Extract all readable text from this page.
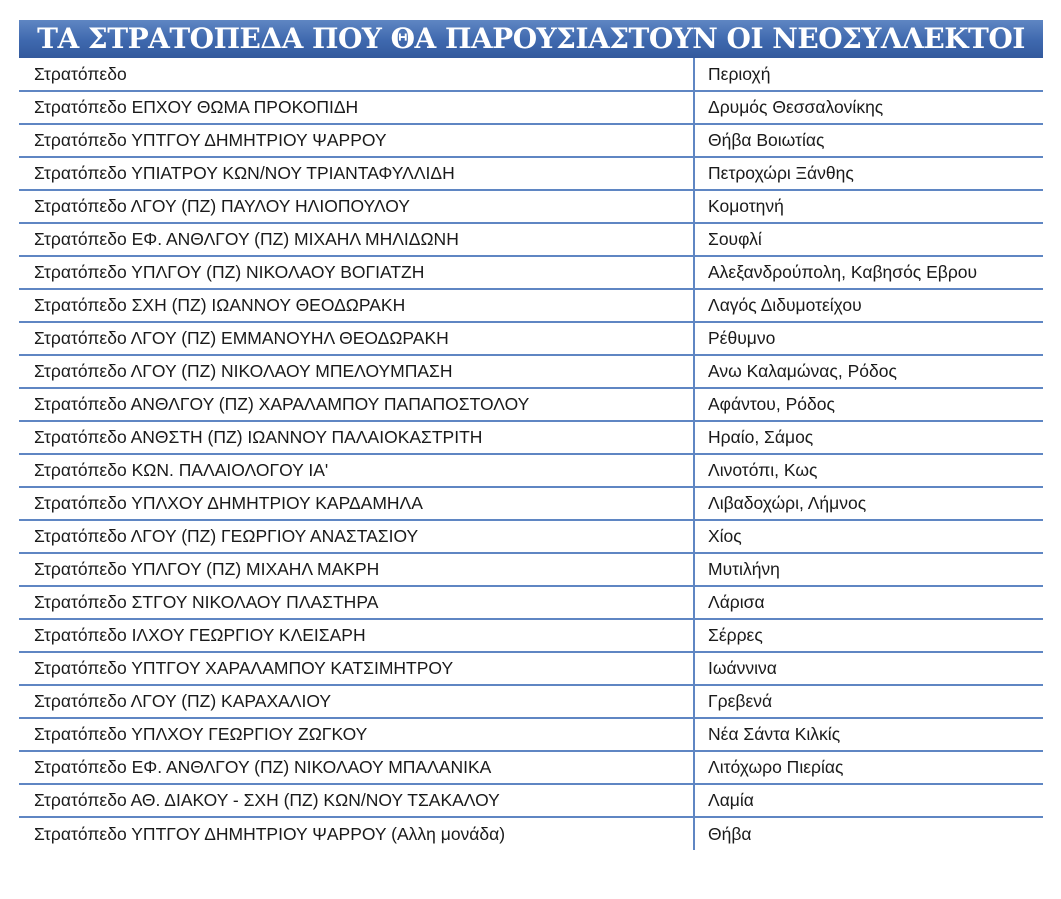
ΤΑ ΣΤΡΑΤΟΠΕΔΑ ΠΟΥ ΘΑ ΠΑΡΟΥΣΙΑΣΤΟΥΝ ΟΙ ΝΕΟΣΥΛΛΕΚΤΟΙ
Στρατόπεδο	Περιοχή
Στρατόπεδο ΕΠΧΟΥ ΘΩΜΑ ΠΡΟΚΟΠΙΔΗ	Δρυμός Θεσσαλονίκης
Στρατόπεδο ΥΠΤΓΟΥ ΔΗΜΗΤΡΙΟΥ ΨΑΡΡΟΥ	Θήβα Βοιωτίας
Στρατόπεδο ΥΠΙΑΤΡΟΥ ΚΩΝ/ΝΟΥ ΤΡΙΑΝΤΑΦΥΛΛΙΔΗ	Πετροχώρι Ξάνθης
Στρατόπεδο ΛΓΟΥ (ΠΖ) ΠΑΥΛΟΥ ΗΛΙΟΠΟΥΛΟΥ	Κομοτηνή
Στρατόπεδο ΕΦ. ΑΝΘΛΓΟΥ (ΠΖ) ΜΙΧΑΗΛ ΜΗΛΙΔΩΝΗ	Σουφλί
Στρατόπεδο ΥΠΛΓΟΥ (ΠΖ) ΝΙΚΟΛΑΟΥ ΒΟΓΙΑΤΖΗ	Αλεξανδρούπολη, Καβησός Εβρου
Στρατόπεδο ΣΧΗ (ΠΖ) ΙΩΑΝΝΟΥ ΘΕΟΔΩΡΑΚΗ	Λαγός Διδυμοτείχου
Στρατόπεδο ΛΓΟΥ (ΠΖ) ΕΜΜΑΝΟΥΗΛ ΘΕΟΔΩΡΑΚΗ	Ρέθυμνο
Στρατόπεδο ΛΓΟΥ (ΠΖ) ΝΙΚΟΛΑΟΥ ΜΠΕΛΟΥΜΠΑΣΗ	Ανω Καλαμώνας, Ρόδος
Στρατόπεδο ΑΝΘΛΓΟΥ (ΠΖ) ΧΑΡΑΛΑΜΠΟΥ ΠΑΠΑΠΟΣΤΟΛΟΥ	Αφάντου, Ρόδος
Στρατόπεδο ΑΝΘΣΤΗ (ΠΖ) ΙΩΑΝΝΟΥ ΠΑΛΑΙΟΚΑΣΤΡΙΤΗ	Ηραίο, Σάμος
Στρατόπεδο ΚΩΝ. ΠΑΛΑΙΟΛΟΓΟΥ ΙΑ'	Λινοτόπι, Κως
Στρατόπεδο ΥΠΛΧΟΥ ΔΗΜΗΤΡΙΟΥ ΚΑΡΔΑΜΗΛΑ	Λιβαδοχώρι, Λήμνος
Στρατόπεδο ΛΓΟΥ (ΠΖ) ΓΕΩΡΓΙΟΥ ΑΝΑΣΤΑΣΙΟΥ	Χίος
Στρατόπεδο ΥΠΛΓΟΥ (ΠΖ) ΜΙΧΑΗΛ ΜΑΚΡΗ	Μυτιλήνη
Στρατόπεδο ΣΤΓΟΥ ΝΙΚΟΛΑΟΥ ΠΛΑΣΤΗΡΑ	Λάρισα
Στρατόπεδο ΙΛΧΟΥ ΓΕΩΡΓΙΟΥ ΚΛΕΙΣΑΡΗ	Σέρρες
Στρατόπεδο ΥΠΤΓΟΥ ΧΑΡΑΛΑΜΠΟΥ ΚΑΤΣΙΜΗΤΡΟΥ	Ιωάννινα
Στρατόπεδο ΛΓΟΥ (ΠΖ) ΚΑΡΑΧΑΛΙΟΥ	Γρεβενά
Στρατόπεδο ΥΠΛΧΟΥ ΓΕΩΡΓΙΟΥ ΖΩΓΚΟΥ	Νέα Σάντα Κιλκίς
Στρατόπεδο ΕΦ. ΑΝΘΛΓΟΥ (ΠΖ) ΝΙΚΟΛΑΟΥ ΜΠΑΛΑΝΙΚΑ	Λιτόχωρο Πιερίας
Στρατόπεδο ΑΘ. ΔΙΑΚΟΥ - ΣΧΗ (ΠΖ) ΚΩΝ/ΝΟΥ ΤΣΑΚΑΛΟΥ	Λαμία
Στρατόπεδο ΥΠΤΓΟΥ ΔΗΜΗΤΡΙΟΥ ΨΑΡΡΟΥ (Αλλη μονάδα)	Θήβα
